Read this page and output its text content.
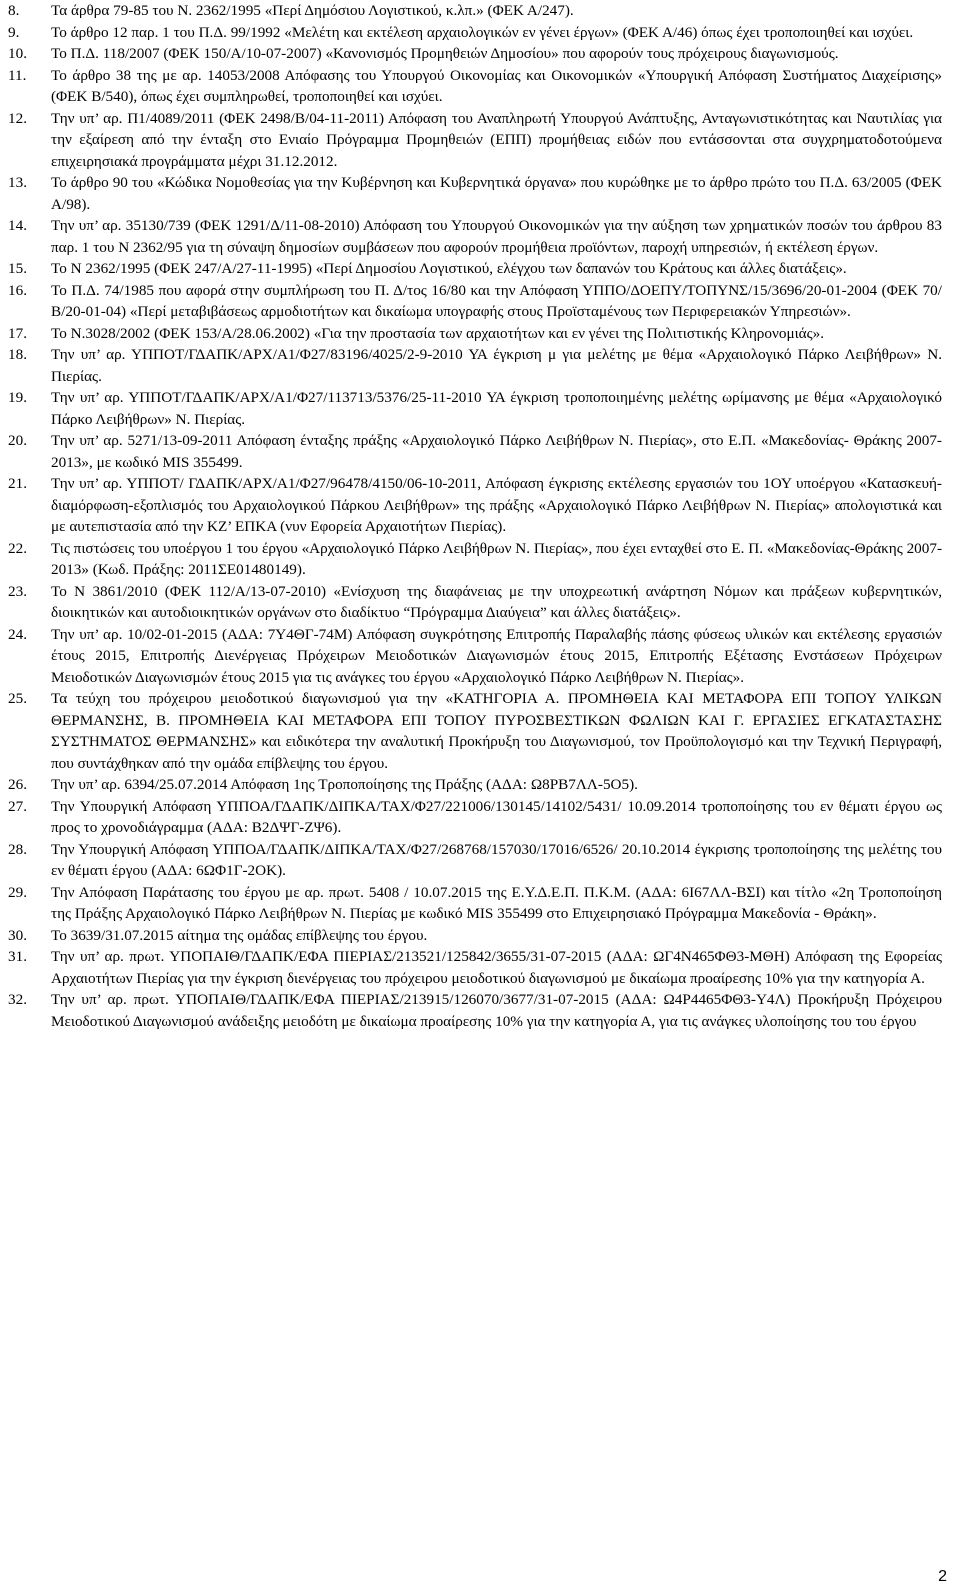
8.	Τα άρθρα 79-85 του Ν. 2362/1995 «Περί Δημόσιου Λογιστικού, κ.λπ.» (ΦΕΚ Α/247).
9.	Το άρθρο 12 παρ. 1 του Π.Δ. 99/1992 «Μελέτη και εκτέλεση αρχαιολογικών εν γένει έργων» (ΦΕΚ Α/46) όπως έχει τροποποιηθεί και ισχύει.
10.	Το Π.Δ. 118/2007 (ΦΕΚ 150/Α/10-07-2007) «Κανονισμός Προμηθειών Δημοσίου» που αφορούν τους πρόχειρους διαγωνισμούς.
11.	Το άρθρο 38 της με αρ. 14053/2008 Απόφασης του Υπουργού Οικονομίας και Οικονομικών «Υπουργική Απόφαση Συστήματος Διαχείρισης» (ΦΕΚ Β/540), όπως έχει συμπληρωθεί, τροποποιηθεί και ισχύει.
12.	Την υπ’ αρ. Π1/4089/2011 (ΦΕΚ 2498/Β/04-11-2011) Απόφαση του Αναπληρωτή Υπουργού Ανάπτυξης, Ανταγωνιστικότητας και Ναυτιλίας για την εξαίρεση από την ένταξη στο Ενιαίο Πρόγραμμα Προμηθειών (ΕΠΠ) προμήθειας ειδών που εντάσσονται στα συγχρηματοδοτούμενα επιχειρησιακά προγράμματα μέχρι 31.12.2012.
13.	Το άρθρο 90 του «Κώδικα Νομοθεσίας για την Κυβέρνηση και Κυβερνητικά όργανα» που κυρώθηκε με το άρθρο πρώτο του Π.Δ. 63/2005 (ΦΕΚ Α/98).
14.	Την υπ’ αρ. 35130/739 (ΦΕΚ 1291/Δ/11-08-2010) Απόφαση του Υπουργού Οικονομικών για την αύξηση των χρηματικών ποσών του άρθρου 83 παρ. 1 του Ν 2362/95 για τη σύναψη δημοσίων συμβάσεων που αφορούν προμήθεια προϊόντων, παροχή υπηρεσιών, ή εκτέλεση έργων.
15.	Το Ν 2362/1995 (ΦΕΚ 247/Α/27-11-1995) «Περί Δημοσίου Λογιστικού, ελέγχου των δαπανών του Κράτους και άλλες διατάξεις».
16.	Το Π.Δ. 74/1985 που αφορά στην συμπλήρωση του Π. Δ/τος 16/80 και την Απόφαση ΥΠΠΟ/ΔΟΕΠΥ/ΤΟΠΥΝΣ/15/3696/20-01-2004 (ΦΕΚ 70/Β/20-01-04) «Περί μεταβιβάσεως αρμοδιοτήτων και δικαίωμα υπογραφής στους Προϊσταμένους των Περιφερειακών Υπηρεσιών».
17.	Το Ν.3028/2002 (ΦΕΚ 153/Α/28.06.2002) «Για την προστασία των αρχαιοτήτων και εν γένει της Πολιτιστικής Κληρονομιάς».
18.	Την υπ’ αρ. ΥΠΠΟΤ/ΓΔΑΠΚ/ΑΡΧ/Α1/Φ27/83196/4025/2-9-2010 ΥΑ έγκριση μ για μελέτης με θέμα «Αρχαιολογικό Πάρκο Λειβήθρων» Ν. Πιερίας.
19.	Την υπ’ αρ. ΥΠΠΟΤ/ΓΔΑΠΚ/ΑΡΧ/Α1/Φ27/113713/5376/25-11-2010 ΥΑ έγκριση τροποποιημένης μελέτης ωρίμανσης με θέμα «Αρχαιολογικό Πάρκο Λειβήθρων» Ν. Πιερίας.
20.	Την υπ’ αρ. 5271/13-09-2011 Απόφαση ένταξης πράξης «Αρχαιολογικό Πάρκο Λειβήθρων Ν. Πιερίας», στο Ε.Π. «Μακεδονίας- Θράκης 2007-2013», με κωδικό MIS 355499.
21.	Την υπ’ αρ. ΥΠΠΟΤ/ ΓΔΑΠΚ/ΑΡΧ/Α1/Φ27/96478/4150/06-10-2011, Απόφαση έγκρισης εκτέλεσης εργασιών του 1ΟΥ υποέργου «Κατασκευή-διαμόρφωση-εξοπλισμός του Αρχαιολογικού Πάρκου Λειβήθρων» της πράξης «Αρχαιολογικό Πάρκο Λειβήθρων Ν. Πιερίας» απολογιστικά και με αυτεπιστασία από την ΚΖ’ ΕΠΚΑ (νυν Εφορεία Αρχαιοτήτων Πιερίας).
22.	Τις πιστώσεις του υποέργου 1 του έργου «Αρχαιολογικό Πάρκο Λειβήθρων Ν. Πιερίας», που έχει ενταχθεί στο Ε. Π. «Μακεδονίας-Θράκης 2007-2013» (Κωδ. Πράξης: 2011ΣΕ01480149).
23.	Το Ν 3861/2010 (ΦΕΚ 112/Α/13-07-2010) «Ενίσχυση της διαφάνειας με την υποχρεωτική ανάρτηση Νόμων και πράξεων κυβερνητικών, διοικητικών και αυτοδιοικητικών οργάνων στο διαδίκτυο “Πρόγραμμα Διαύγεια” και άλλες διατάξεις».
24.	Την υπ’ αρ. 10/02-01-2015 (ΑΔΑ: 7Υ4ΘΓ-74Μ) Απόφαση συγκρότησης Επιτροπής Παραλαβής πάσης φύσεως υλικών και εκτέλεσης εργασιών έτους 2015, Επιτροπής Διενέργειας Πρόχειρων Μειοδοτικών Διαγωνισμών έτους 2015, Επιτροπής Εξέτασης Ενστάσεων Πρόχειρων Μειοδοτικών Διαγωνισμών έτους 2015 για τις ανάγκες του έργου «Αρχαιολογικό Πάρκο Λειβήθρων Ν. Πιερίας».
25.	Τα τεύχη του πρόχειρου μειοδοτικού διαγωνισμού για την «ΚΑΤΗΓΟΡΙΑ Α. ΠΡΟΜΗΘΕΙΑ ΚΑΙ ΜΕΤΑΦΟΡΑ ΕΠΙ ΤΟΠΟΥ ΥΛΙΚΩΝ ΘΕΡΜΑΝΣΗΣ, Β. ΠΡΟΜΗΘΕΙΑ ΚΑΙ ΜΕΤΑΦΟΡΑ ΕΠΙ ΤΟΠΟΥ ΠΥΡΟΣΒΕΣΤΙΚΩΝ ΦΩΛΙΩΝ ΚΑΙ Γ. ΕΡΓΑΣΙΕΣ ΕΓΚΑΤΑΣΤΑΣΗΣ ΣΥΣΤΗΜΑΤΟΣ ΘΕΡΜΑΝΣΗΣ» και ειδικότερα την αναλυτική Προκήρυξη του Διαγωνισμού, τον Προϋπολογισμό και την Τεχνική Περιγραφή, που συντάχθηκαν από την ομάδα επίβλεψης του έργου.
26.	Την υπ’ αρ. 6394/25.07.2014 Απόφαση 1ης Τροποποίησης της Πράξης (ΑΔΑ: Ω8ΡΒ7ΛΛ-5Ο5).
27.	Την Υπουργική Απόφαση ΥΠΠΟΑ/ΓΔΑΠΚ/ΔΙΠΚΑ/ΤΑΧ/Φ27/221006/130145/14102/5431/ 10.09.2014 τροποποίησης του εν θέματι έργου ως προς το χρονοδιάγραμμα (ΑΔΑ: Β2ΔΨΓ-ΖΨ6).
28.	Την Υπουργική Απόφαση ΥΠΠΟΑ/ΓΔΑΠΚ/ΔΙΠΚΑ/ΤΑΧ/Φ27/268768/157030/17016/6526/ 20.10.2014 έγκρισης τροποποίησης της μελέτης του εν θέματι έργου (ΑΔΑ: 6ΩΦ1Γ-2ΟΚ).
29.	Την Απόφαση Παράτασης του έργου με αρ. πρωτ. 5408 / 10.07.2015 της Ε.Υ.Δ.Ε.Π. Π.Κ.Μ. (ΑΔΑ: 6Ι67ΛΛ-ΒΣΙ) και τίτλο «2η Τροποποίηση της Πράξης Αρχαιολογικό Πάρκο Λειβήθρων Ν. Πιερίας με κωδικό MIS 355499 στο Επιχειρησιακό Πρόγραμμα Μακεδονία - Θράκη».
30.	Το 3639/31.07.2015 αίτημα της ομάδας επίβλεψης του έργου.
31.	Την υπ’ αρ. πρωτ. ΥΠΟΠΑΙΘ/ΓΔΑΠΚ/ΕΦΑ ΠΙΕΡΙΑΣ/213521/125842/3655/31-07-2015 (ΑΔΑ: ΩΓ4Ν465ΦΘ3-ΜΘΗ) Απόφαση της Εφορείας Αρχαιοτήτων Πιερίας για την έγκριση διενέργειας του πρόχειρου μειοδοτικού διαγωνισμού με δικαίωμα προαίρεσης 10% για την κατηγορία Α.
32.	Την υπ’ αρ. πρωτ. ΥΠΟΠΑΙΘ/ΓΔΑΠΚ/ΕΦΑ ΠΙΕΡΙΑΣ/213915/126070/3677/31-07-2015 (ΑΔΑ: Ω4Ρ4465ΦΘ3-Υ4Λ) Προκήρυξη Πρόχειρου Μειοδοτικού Διαγωνισμού ανάδειξης μειοδότη με δικαίωμα προαίρεσης 10% για την κατηγορία Α, για τις ανάγκες υλοποίησης του του έργου
2
